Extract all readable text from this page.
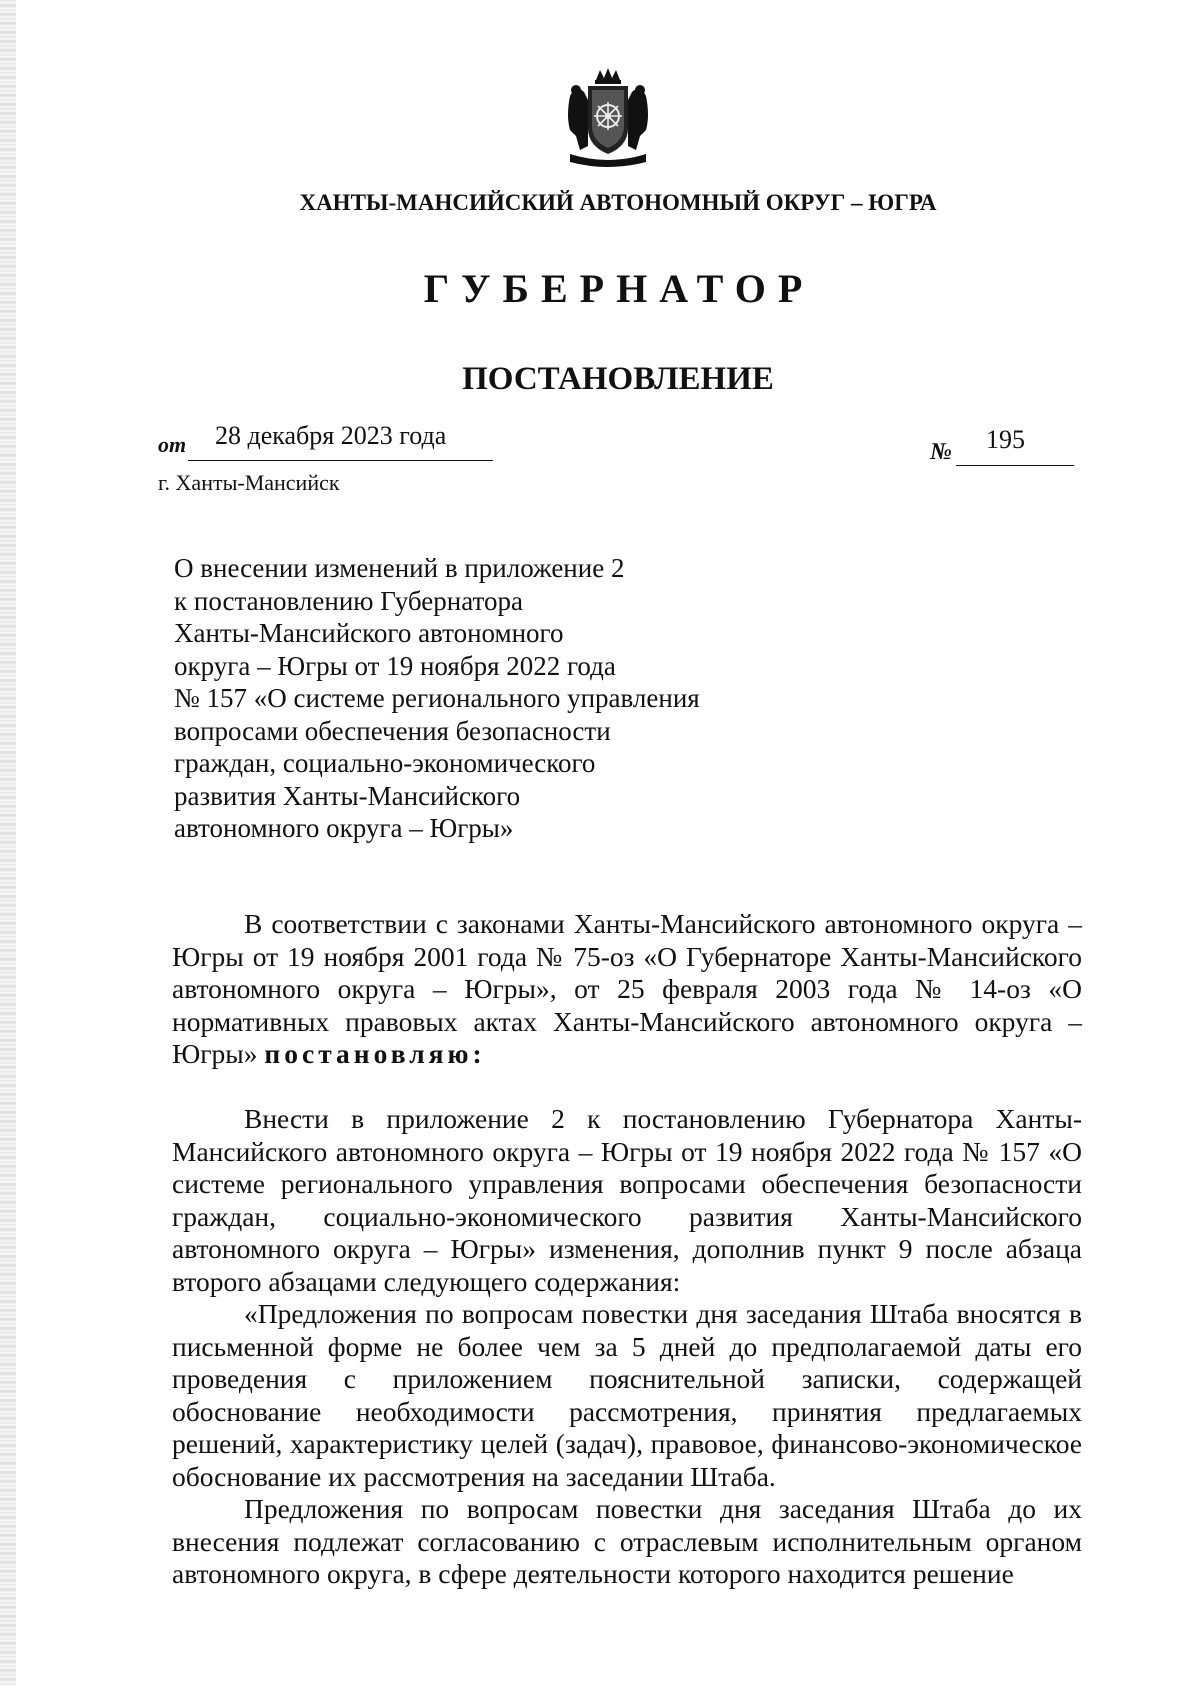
ХАНТЫ-МАНСИЙСКИЙ АВТОНОМНЫЙ ОКРУГ – ЮГРА
ГУБЕРНАТОР
ПОСТАНОВЛЕНИЕ
от 28 декабря 2023 года
№ 195
г. Ханты-Мансийск
О внесении изменений в приложение 2
к постановлению Губернатора
Ханты-Мансийского автономного
округа – Югры от 19 ноября 2022 года
№ 157 «О системе регионального управления
вопросами обеспечения безопасности
граждан, социально-экономического
развития Ханты-Мансийского
автономного округа – Югры»

В соответствии с законами Ханты-Мансийского автономного округа – Югры от 19 ноября 2001 года № 75-оз «О Губернаторе Ханты-Мансийского автономного округа – Югры», от 25 февраля 2003 года № 14-оз «О нормативных правовых актах Ханты-Мансийского автономного округа – Югры» постановляю:

Внести в приложение 2 к постановлению Губернатора Ханты-Мансийского автономного округа – Югры от 19 ноября 2022 года № 157 «О системе регионального управления вопросами обеспечения безопасности граждан, социально-экономического развития Ханты-Мансийского автономного округа – Югры» изменения, дополнив пункт 9 после абзаца второго абзацами следующего содержания:

«Предложения по вопросам повестки дня заседания Штаба вносятся в письменной форме не более чем за 5 дней до предполагаемой даты его проведения с приложением пояснительной записки, содержащей обоснование необходимости рассмотрения, принятия предлагаемых решений, характеристику целей (задач), правовое, финансово-экономическое обоснование их рассмотрения на заседании Штаба.

Предложения по вопросам повестки дня заседания Штаба до их внесения подлежат согласованию с отраслевым исполнительным органом автономного округа, в сфере деятельности которого находится решение
